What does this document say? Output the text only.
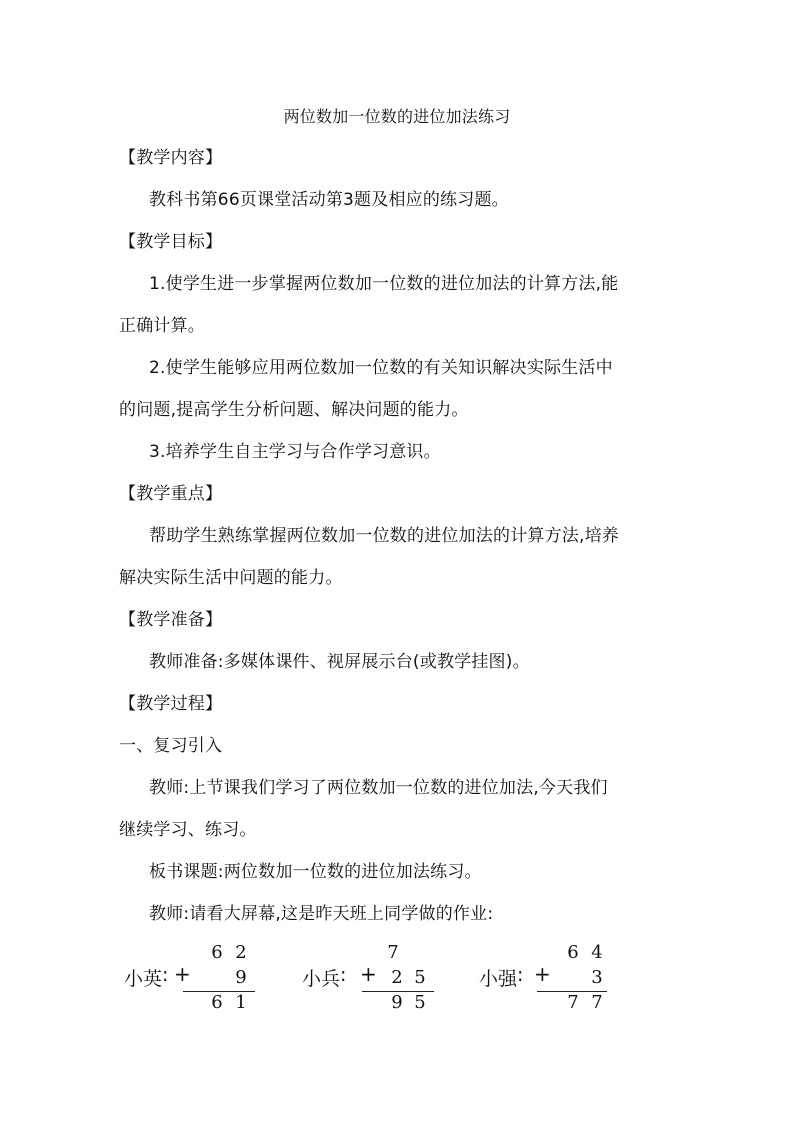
两位数加一位数的进位加法练习
【教学内容】
教科书第66页课堂活动第3题及相应的练习题。
【教学目标】
1.使学生进一步掌握两位数加一位数的进位加法的计算方法,能
正确计算。
2.使学生能够应用两位数加一位数的有关知识解决实际生活中
的问题,提高学生分析问题、解决问题的能力。
3.培养学生自主学习与合作学习意识。
【教学重点】
帮助学生熟练掌握两位数加一位数的进位加法的计算方法,培养
解决实际生活中问题的能力。
【教学准备】
教师准备:多媒体课件、视屏展示台(或教学挂图)。
【教学过程】
一、复习引入
教师:上节课我们学习了两位数加一位数的进位加法,今天我们
继续学习、练习。
板书课题:两位数加一位数的进位加法练习。
教师:请看大屏幕,这是昨天班上同学做的作业:
小英 :
6 2
+ 9
6 1
小兵 :
7
+ 2 5
9 5
小强 :
6 4
+ 3
7 7
